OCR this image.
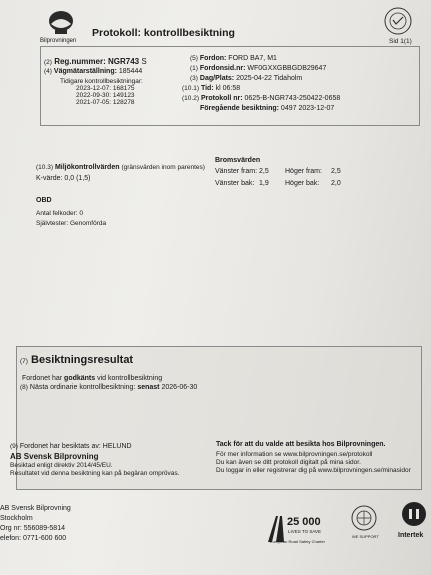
Bilprovningen
Protokoll: kontrollbesiktning
Sid 1(1)
(2) Reg.nummer: NGR743 S
(4) Vägmätarställning: 185444
Tidigare kontrollbesiktningar:
2023-12-07: 168175
2022-09-30: 149123
2021-07-05: 128278
(5) Fordon: FORD BA7, M1
(1) Fordonsid.nr: WF0GXXGBBGDB29647
(3) Dag/Plats: 2025-04-22 Tidaholm
(10.1) Tid: kl 06:58
(10.2) Protokoll nr: 0625-B-NGR743-250422-0658
Föregående besiktning: 0497 2023-12-07
(10.3) Miljökontrollvärden (gränsvärden inom parentes)
K-värde: 0,0 (1,5)
Bromsvärden
Vänster fram: 2,5 Höger fram: 2,5
Vänster bak: 1,9 Höger bak: 2,0
OBD
Antal felkoder: 0
Självtester: Genomförda
(7) Besiktningsresultat
Fordonet har godkänts vid kontrollbesiktning
(8) Nästa ordinarie kontrollbesiktning: senast 2026-06-30
(9) Fordonet har besiktats av: HELUND
AB Svensk Bilprovning
Besiktad enligt direktiv 2014/45/EU.
Resultatet vid denna besiktning kan på begäran omprövas.
Tack för att du valde att besikta hos Bilprovningen.
För mer information se www.bilprovningen.se/protokoll
Du kan även se ditt protokoll digitalt på mina sidor.
Du loggar in eller registrerar dig på www.bilprovningen.se/minasidor
AB Svensk Bilprovning
Stockholm
Org nr: 556089-5814
elefon: 0771-600 600
25 000
LIVES TO SAVE
European Road Safety Charter
WE SUPPORT	Intertek
